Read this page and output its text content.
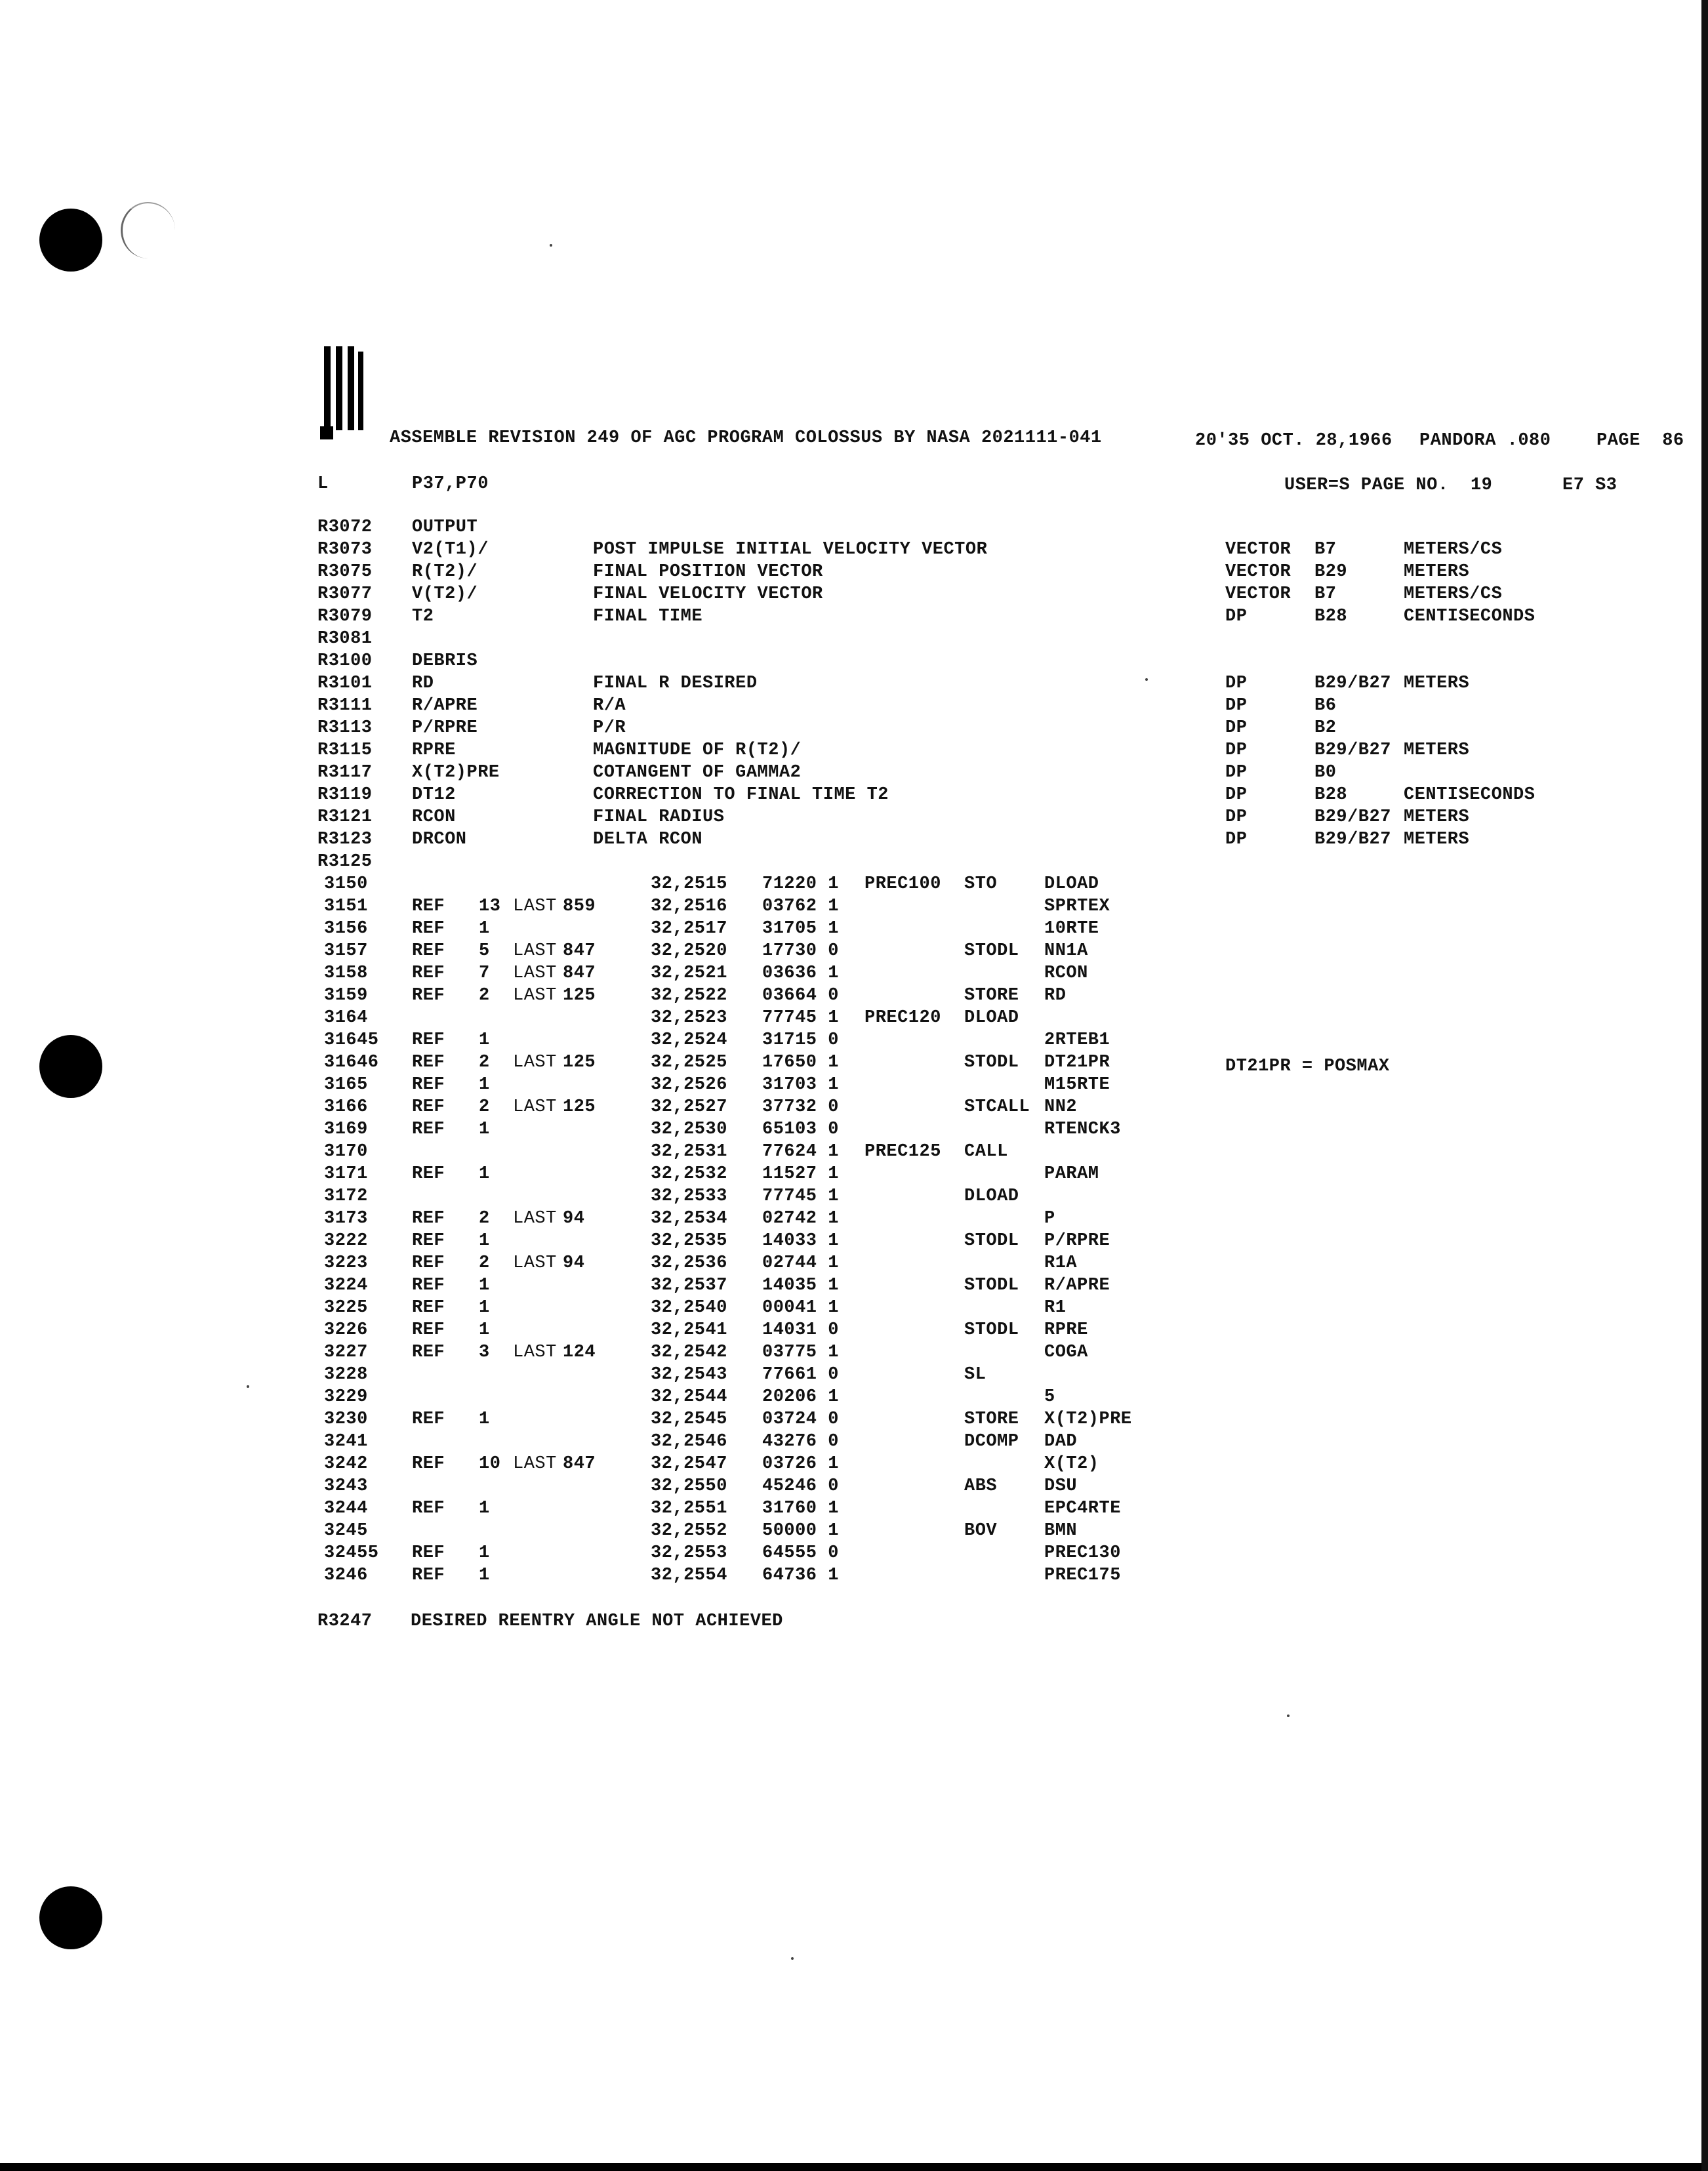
ASSEMBLE REVISION 249 OF AGC PROGRAM COLOSSUS BY NASA 2021111-041	20'35 OCT. 28,1966 PANDORA .080	PAGE  86
L	P37,P70	USER=S PAGE NO.  19	E7 S3
R3072 OUTPUT
R3073 V2(T1)/	POST IMPULSE INITIAL VELOCITY VECTOR	VECTOR B7	METERS/CS
R3075 R(T2)/	FINAL POSITION VECTOR	VECTOR B29	METERS
R3077 V(T2)/	FINAL VELOCITY VECTOR	VECTOR B7	METERS/CS
R3079 T2	FINAL TIME	DP	B28	CENTISECONDS
R3081
R3100 DEBRIS
R3101 RD	FINAL R DESIRED	DP	B29/B27 METERS
R3111 R/APRE	R/A	DP	B6
R3113 P/RPRE	P/R	DP	B2
R3115 RPRE	MAGNITUDE OF R(T2)/	DP	B29/B27 METERS
R3117 X(T2)PRE	COTANGENT OF GAMMA2	DP	B0
R3119 DT12	CORRECTION TO FINAL TIME T2	DP	B28	CENTISECONDS
R3121 RCON	FINAL RADIUS	DP	B29/B27 METERS
R3123 DRCON	DELTA RCON	DP	B29/B27 METERS
R3125
3150	32,2515 71220 1 PREC100 STO	DLOAD
3151 REF 13 LAST 859	32,2516 03762 1	SPRTEX
3156 REF 1	32,2517 31705 1	10RTE
3157 REF 5 LAST 847	32,2520 17730 0	STODL NN1A
3158 REF 7 LAST 847	32,2521 03636 1	RCON
3159 REF 2 LAST 125	32,2522 03664 0	STORE RD
3164	32,2523 77745 1 PREC120 DLOAD
31645 REF 1	32,2524 31715 0	2RTEB1
31646 REF 2 LAST 125	32,2525 17650 1	STODL DT21PR
3165 REF 1	32,2526 31703 1	M15RTE
3166 REF 2 LAST 125	32,2527 37732 0	STCALL NN2
3169 REF 1	32,2530 65103 0	RTENCK3
3170	32,2531 77624 1 PREC125 CALL
3171 REF 1	32,2532 11527 1	PARAM
3172	32,2533 77745 1	DLOAD
3173 REF 2 LAST 94	32,2534 02742 1	P
3222 REF 1	32,2535 14033 1	STODL P/RPRE
3223 REF 2 LAST 94	32,2536 02744 1	R1A
3224 REF 1	32,2537 14035 1	STODL R/APRE
3225 REF 1	32,2540 00041 1	R1
3226 REF 1	32,2541 14031 0	STODL RPRE
3227 REF 3 LAST 124	32,2542 03775 1	COGA
3228	32,2543 77661 0	SL
3229	32,2544 20206 1	5
3230 REF 1	32,2545 03724 0	STORE X(T2)PRE
3241	32,2546 43276 0	DCOMP DAD
3242 REF 10 LAST 847	32,2547 03726 1	X(T2)
3243	32,2550 45246 0	ABS	DSU
3244 REF 1	32,2551 31760 1	EPC4RTE
3245	32,2552 50000 1	BOV	BMN
32455 REF 1	32,2553 64555 0	PREC130
3246 REF 1	32,2554 64736 1	PREC175
DT21PR = POSMAX
R3247 DESIRED REENTRY ANGLE NOT ACHIEVED
